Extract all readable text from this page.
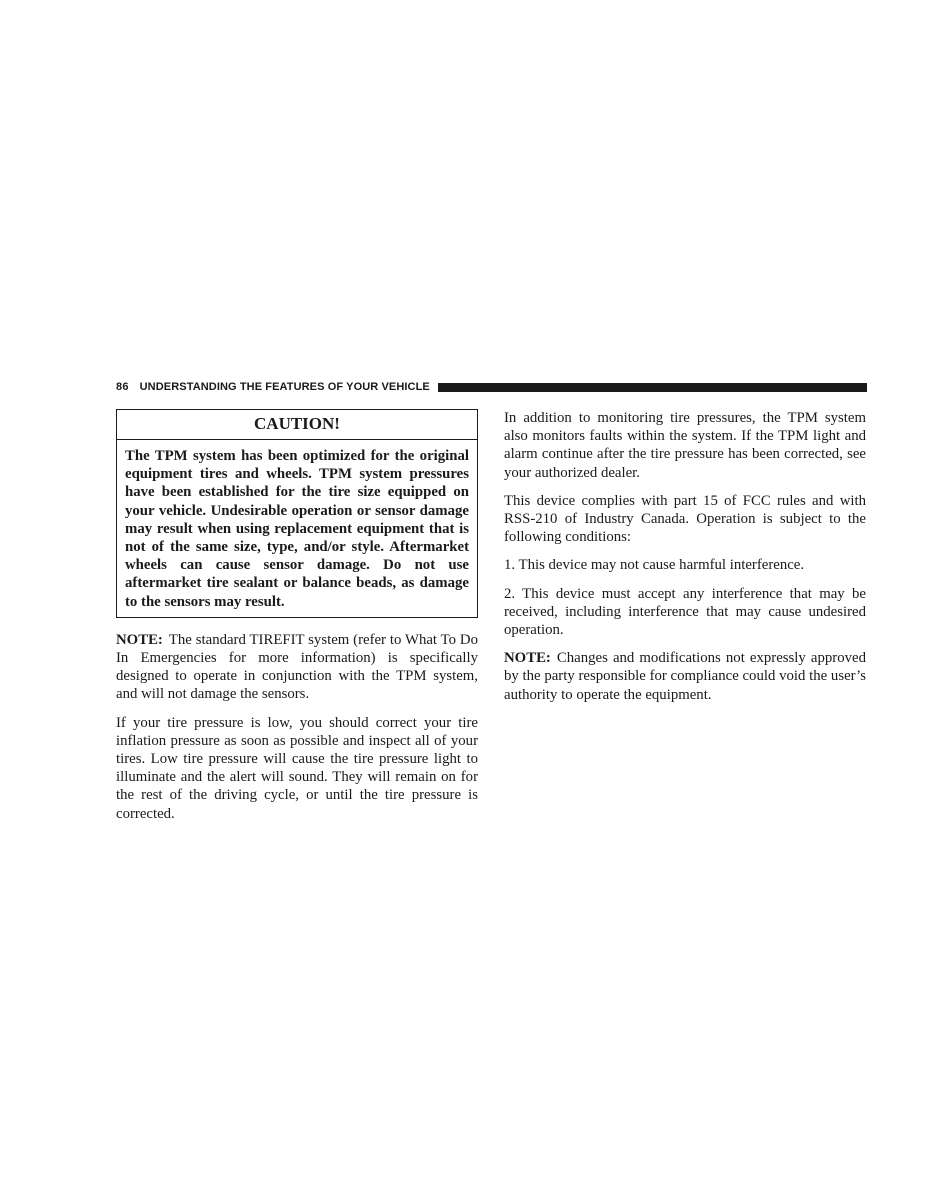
86 UNDERSTANDING THE FEATURES OF YOUR VEHICLE
CAUTION!
The TPM system has been optimized for the original equipment tires and wheels. TPM system pressures have been established for the tire size equipped on your vehicle. Undesirable operation or sensor damage may result when using replacement equipment that is not of the same size, type, and/or style. Aftermarket wheels can cause sensor damage. Do not use aftermarket tire sealant or balance beads, as damage to the sensors may result.

NOTE: The standard TIREFIT system (refer to What To Do In Emergencies for more information) is specifically designed to operate in conjunction with the TPM system, and will not damage the sensors.

If your tire pressure is low, you should correct your tire inflation pressure as soon as possible and inspect all of your tires. Low tire pressure will cause the tire pressure light to illuminate and the alert will sound. They will remain on for the rest of the driving cycle, or until the tire pressure is corrected.

In addition to monitoring tire pressures, the TPM system also monitors faults within the system. If the TPM light and alarm continue after the tire pressure has been corrected, see your authorized dealer.

This device complies with part 15 of FCC rules and with RSS-210 of Industry Canada. Operation is subject to the following conditions:

1. This device may not cause harmful interference.

2. This device must accept any interference that may be received, including interference that may cause undesired operation.

NOTE: Changes and modifications not expressly approved by the party responsible for compliance could void the user’s authority to operate the equipment.
